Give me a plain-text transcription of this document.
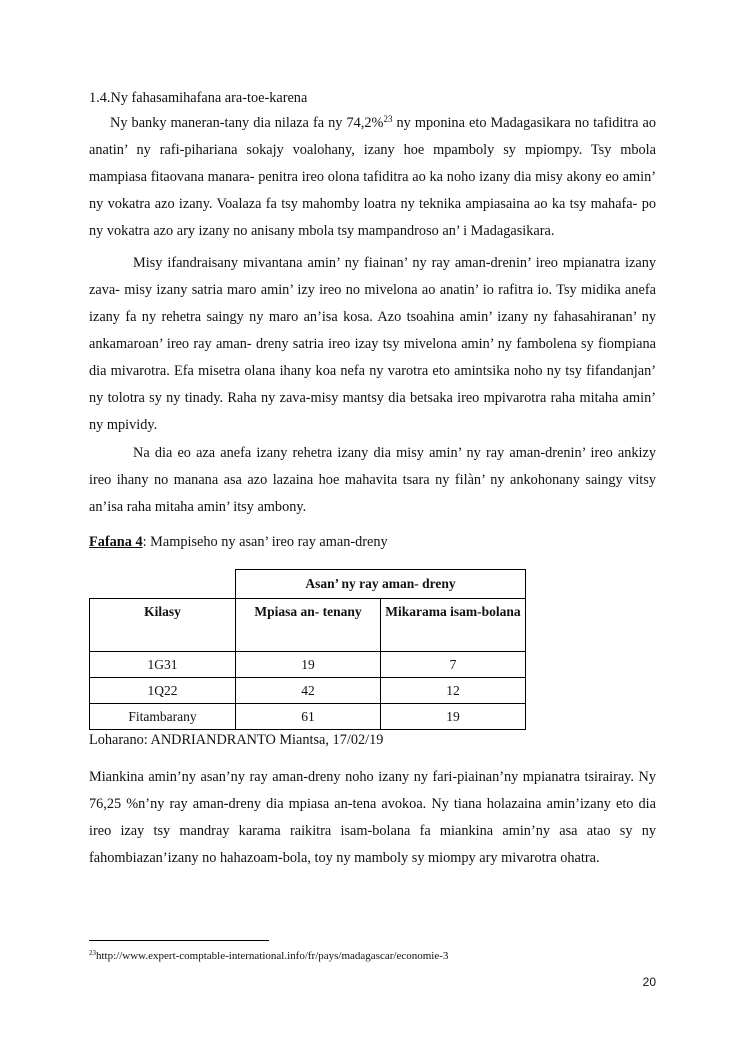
1.4.Ny fahasamihafana ara-toe-karena

Ny banky maneran-tany dia nilaza fa ny 74,2%$^{23}$ ny mponina eto Madagasikara no tafiditra ao anatin’ ny rafi-pihariana sokajy voalohany, izany hoe mpamboly sy mpiompy. Tsy mbola mampiasa fitaovana manara- penitra ireo olona tafiditra ao ka noho izany dia misy akony eo amin’ ny vokatra azo izany. Voalaza fa tsy mahomby loatra ny teknika ampiasaina ao ka tsy mahafa- po ny vokatra azo ary izany no anisany mbola tsy mampandroso an’ i Madagasikara.

Misy ifandraisany mivantana amin’ ny fiainan’ ny ray aman-drenin’ ireo mpianatra izany zava- misy izany satria maro amin’ izy ireo no mivelona ao anatin’ io rafitra io. Tsy midika anefa izany fa ny rehetra saingy ny maro an’isa kosa. Azo tsoahina amin’ izany ny fahasahiranan’ ny ankamaroan’ ireo ray aman- dreny satria ireo izay tsy mivelona amin’ ny fambolena sy fiompiana dia mivarotra. Efa misetra olana ihany koa nefa ny varotra eto amintsika noho ny tsy fifandanjan’ ny tolotra sy ny tinady. Raha ny zava-misy mantsy dia betsaka ireo mpivarotra raha mitaha amin’ ny mpividy.

Na dia eo aza anefa izany rehetra izany dia misy amin’ ny ray aman-drenin’ ireo ankizy ireo ihany no manana asa azo lazaina hoe mahavita tsara ny filàn’ ny ankohonany saingy vitsy an’isa raha mitaha amin’ itsy ambony.

Fafana 4: Mampiseho ny asan’ ireo ray aman-dreny
	Asan’ ny ray aman- dreny	
Kilasy	Mpiasa an- tenany	Mikarama isam-bolana
1G31	19	7
1Q22	42	12
Fitambarany	61	19
Loharano: ANDRIANDRANTO Miantsa, 17/02/19

Miankina amin’ny asan’ny ray aman-dreny noho izany ny fari-piainan’ny mpianatra tsirairay. Ny 76,25 %n’ny ray aman-dreny dia mpiasa an-tena avokoa. Ny tiana holazaina amin’izany eto dia ireo izay tsy mandray karama raikitra isam-bolana fa miankina amin’ny asa atao sy ny fahombiazan’izany no hahazoam-bola, toy ny mamboly sy miompy ary mivarotra ohatra.

$^{23}$http://www.expert-comptable-international.info/fr/pays/madagascar/economie-3
20
